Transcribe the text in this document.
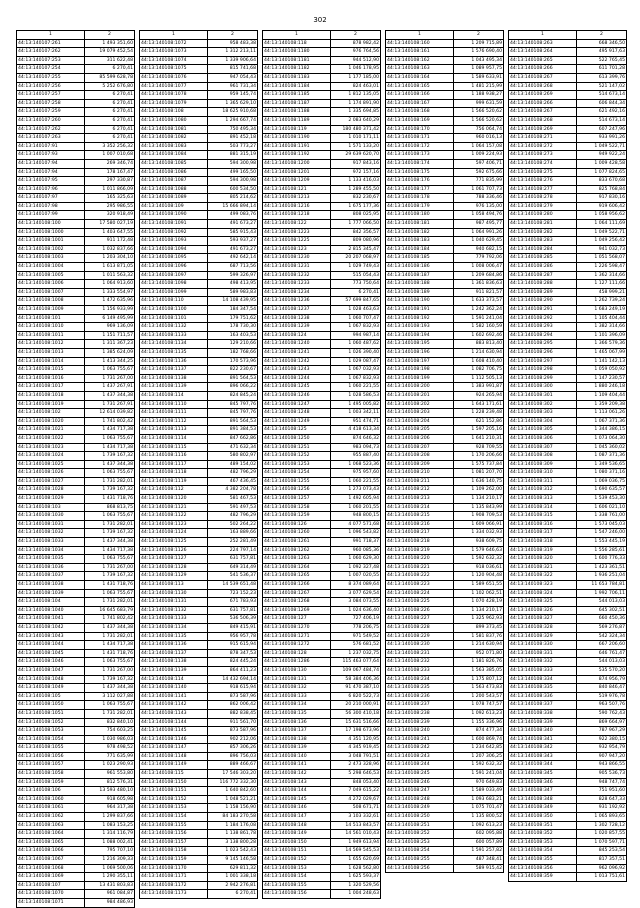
302
1	2
44:13:140107:261	1 493 351,60
44:13:140107:262	19 079 452,54
44:13:140107:253	311 622,48
44:13:140107:254	6 270,41
44:13:140107:255	85 599 628,78
44:13:140107:256	5 252 676,80
44:13:140107:257	6 270,41
44:13:140107:258	6 270,41
44:13:140107:259	6 270,41
44:13:140107:260	6 270,41
44:13:140107:262	6 270,41
44:13:140107:263	6 270,41
44:13:140107:91	3 352 256,32
44:13:140107:93	1 007 010,68
44:13:140107:94	269 346,74
44:13:140107:94	178 167,47
44:13:140107:95	297 330,87
44:13:140107:96	1 011 866,09
44:13:140107:97	165 325,63
44:13:140107:98	295 986,55
44:13:140107:99	320 918,49
44:13:140108:100	17 580 027,19
44:13:140108:1000	1 403 647,55
44:13:140108:1001	911 172,48
44:13:140108:1002	1 032 837,66
44:13:140108:1003	1 203 304,10
44:13:140108:1004	1 613 871,05
44:13:140108:1005	1 011 563,32
44:13:140108:1006	1 064 913,60
44:13:140108:1007	1 333 554,97
44:13:140108:1008	1 472 635,96
44:13:140108:1009	1 156 933,99
44:13:140108:101	6 149 495,99
44:13:140108:1010	969 136,09
44:13:140108:1011	1 151 711,57
44:13:140108:1012	1 311 367,23
44:13:140108:1013	1 385 624,09
44:13:140108:1014	1 413 344,25
44:13:140108:1015	1 063 755,67
44:13:140108:1016	1 731 267,00
44:13:140108:1017	1 437 267,91
44:13:140108:1018	1 437 344,38
44:13:140108:1019	1 731 267,91
44:13:140108:102	12 614 039,82
44:13:140108:1020	1 741 802,42
44:13:140108:1021	1 434 717,38
44:13:140108:1022	1 063 755,67
44:13:140108:1023	1 434 717,38
44:13:140108:1024	1 739 167,32
44:13:140108:1025	1 437 344,38
44:13:140108:1026	1 063 755,67
44:13:140108:1027	1 731 282,01
44:13:140108:1028	1 739 167,32
44:13:140108:1029	1 431 718,76
44:13:140108:103	868 813,75
44:13:140108:1030	1 063 755,67
44:13:140108:1031	1 731 282,01
44:13:140108:1032	1 739 167,32
44:13:140108:1033	1 437 344,38
44:13:140108:1034	1 434 717,38
44:13:140108:1035	1 063 755,67
44:13:140108:1036	1 731 267,00
44:13:140108:1037	1 739 167,32
44:13:140108:1038	1 431 718,76
44:13:140108:1039	1 063 755,67
44:13:140108:104	1 731 282,01
44:13:140108:1040	16 645 683,79
44:13:140108:1041	1 741 802,42
44:13:140108:1042	1 437 344,38
44:13:140108:1043	1 731 282,01
44:13:140108:1044	1 434 717,38
44:13:140108:1045	1 431 718,76
44:13:140108:1046	1 063 755,67
44:13:140108:1047	1 731 267,00
44:13:140108:1048	1 739 167,32
44:13:140108:1049	1 437 344,38
44:13:140108:105	3 112 027,88
44:13:140108:1050	1 063 755,67
44:13:140108:1051	1 731 282,01
44:13:140108:1052	832 840,10
44:13:140108:1053	754 603,25
44:13:140108:1054	1 030 986,03
44:13:140108:1055	978 498,52
44:13:140108:1056	771 635,99
44:13:140108:1057	1 023 290,93
44:13:140108:1058	961 553,80
44:13:140108:1059	812 576,31
44:13:140108:106	13 593 480,10
44:13:140108:1060	918 605,98
44:13:140108:1061	964 317,38
44:13:140108:1062	1 299 837,66
44:13:140108:1063	1 083 153,25
44:13:140108:1064	1 314 116,79
44:13:140108:1065	1 088 002,41
44:13:140108:1066	795 707,10
44:13:140108:1067	1 216 309,33
44:13:140108:1068	1 069 500,06
44:13:140108:1069	1 290 355,11
44:13:140108:107	13 431 803,83
44:13:140108:1070	961 084,87
44:13:140108:1071	984 486,93
1	2
44:13:140108:1072	958 483,38
44:13:140108:1073	1 312 213,11
44:13:140108:1074	1 339 906,64
44:13:140108:1075	815 741,68
44:13:140108:1076	947 054,43
44:13:140108:1077	961 731,34
44:13:140108:1078	959 145,74
44:13:140108:1079	1 365 629,10
44:13:140108:108	18 625 910,68
44:13:140108:1080	1 294 667,74
44:13:140108:1081	750 495,34
44:13:140108:1082	891 452,18
44:13:140108:1083	503 773,27
44:13:140108:1084	881 315,19
44:13:140108:1085	594 300,98
44:13:140108:1086	499 165,50
44:13:140108:1087	594 300,98
44:13:140108:1088	600 534,50
44:13:140108:1089	805 214,62
44:13:140108:109	15 666 894,14
44:13:140108:1090	499 083,76
44:13:140108:1091	491 673,27
44:13:140108:1092	585 915,43
44:13:140108:1093	593 937,27
44:13:140108:1094	491 673,27
44:13:140108:1095	492 642,14
44:13:140108:1096	687 713,56
44:13:140108:1097	599 326,97
44:13:140108:1098	498 413,95
44:13:140108:1099	589 983,83
44:13:140108:110	14 108 439,95
44:13:140108:1100	184 347,54
44:13:140108:1101	179 751,62
44:13:140108:1132	178 730,30
44:13:140108:1133	163 403,53
44:13:140108:1134	129 210,66
44:13:140108:1135	182 768,66
44:13:140108:1136	170 573,96
44:13:140108:1137	822 230,67
44:13:140108:1138	891 564,53
44:13:140108:1139	896 066,22
44:13:140108:114	824 845,24
44:13:140108:1110	845 797,76
44:13:140108:1111	845 797,76
44:13:140108:1112	891 564,53
44:13:140108:1113	891 384,53
44:13:140108:1114	847 662,86
44:13:140108:1115	471 632,34
44:13:140108:1116	580 802,97
44:13:140108:1117	489 154,02
44:13:140108:1118	482 796,29
44:13:140108:1119	467 436,45
44:13:140108:112	4 382 204,78
44:13:140108:1120	581 467,53
44:13:140108:1121	591 497,53
44:13:140108:1122	482 796,29
44:13:140108:1123	502 264,22
44:13:140108:1124	163 889,66
44:13:140108:1125	252 281,49
44:13:140108:1126	224 797,14
44:13:140108:1127	631 757,81
44:13:140108:1128	649 314,49
44:13:140108:1129	541 536,37
44:13:140108:113	14 539 651,48
44:13:140108:1130	723 152,23
44:13:140108:1131	671 783,93
44:13:140108:1132	631 757,81
44:13:140108:1133	536 506,39
44:13:140108:1134	849 415,91
44:13:140108:1135	956 957,78
44:13:140108:1136	915 615,94
44:13:140108:1137	878 347,53
44:13:140108:1138	824 445,24
44:13:140108:1139	864 411,23
44:13:140108:114	14 432 694,14
44:13:140108:1140	918 615,94
44:13:140108:1141	873 587,96
44:13:140108:1142	862 006,42
44:13:140108:1143	882 838,45
44:13:140108:1144	911 561,70
44:13:140108:1145	873 587,96
44:13:140108:1146	902 212,06
44:13:140108:1147	857 306,26
44:13:140108:1148	896 756,03
44:13:140108:1149	889 466,67
44:13:140108:115	17 546 303,20
44:13:140108:1150	116 772 332,30
44:13:140108:1151	1 640 842,60
44:13:140108:1152	1 048 521,21
44:13:140108:1153	1 158 156,90
44:13:140108:1154	84 183 270,58
44:13:140108:1155	1 184 176,08
44:13:140108:1156	1 138 861,78
44:13:140108:1157	3 138 800,28
44:13:140108:1158	1 023 542,43
44:13:140108:1159	9 145 146,58
44:13:140108:1170	629 811,32
44:13:140108:1171	1 001 338,18
44:13:140108:1172	2 942 276,81
44:13:140108:1173	6 270,41
1	2
44:13:140108:118	878 982,42
44:13:140108:1180	976 764,56
44:13:140108:1181	944 512,90
44:13:140108:1182	1 046 178,95
44:13:140108:1183	1 177 185,00
44:13:140108:1184	824 463,01
44:13:140108:1185	1 812 135,05
44:13:140108:1187	1 174 891,90
44:13:140108:1188	1 335 694,85
44:13:140108:1189	2 083 640,29
44:13:140108:119	180 480 371,42
44:13:140108:1190	1 010 171,11
44:13:140108:1191	1 571 133,20
44:13:140108:1192	29 639 620,70
44:13:140108:1200	917 843,16
44:13:140108:1201	972 157,16
44:13:140108:1209	1 133 416,03
44:13:140108:121	1 289 455,50
44:13:140108:1213	832 230,67
44:13:140108:1216	1 675 177,36
44:13:140108:1218	808 025,95
44:13:140108:122	1 777 066,50
44:13:140108:1223	842 356,57
44:13:140108:1225	809 080,96
44:13:140108:123	2 815 345,47
44:13:140108:1230	20 207 068,97
44:13:140108:1231	1 029 749,43
44:13:140108:1232	515 054,43
44:13:140108:1233	773 750,64
44:13:140108:1234	6 270,41
44:13:140108:1236	57 699 847,65
44:13:140108:1237	1 028 463,63
44:13:140108:1238	1 060 707,47
44:13:140108:1239	1 067 832,93
44:13:140108:124	994 987,14
44:13:140108:1240	1 060 487,62
44:13:140108:1241	1 026 390,40
44:13:140108:1242	1 029 087,47
44:13:140108:1243	1 067 032,93
44:13:140108:1244	1 067 832,93
44:13:140108:1245	1 060 221,55
44:13:140108:1246	1 028 586,53
44:13:140108:1247	1 495 005,82
44:13:140108:1248	1 003 342,11
44:13:140108:1249	951 474,71
44:13:140108:125	4 418 613,34
44:13:140108:1250	874 646,32
44:13:140108:1251	983 094,73
44:13:140108:1252	955 887,40
44:13:140108:1253	1 068 523,36
44:13:140108:1254	975 957,60
44:13:140108:1255	1 060 221,55
44:13:140108:1256	1 273 073,43
44:13:140108:1257	1 492 605,94
44:13:140108:1258	1 060 201,55
44:13:140108:1259	948 800,15
44:13:140108:126	4 077 571,68
44:13:140108:1260	1 096 543,82
44:13:140108:1261	991 718,37
44:13:140108:1262	960 085,36
44:13:140108:1263	1 060 629,30
44:13:140108:1264	1 092 327,48
44:13:140108:1265	1 007 020,55
44:13:140108:1266	8 374 089,64
44:13:140108:1267	3 077 629,54
44:13:140108:1268	3 084 073,55
44:13:140108:1269	1 024 636,40
44:13:140108:127	727 406,19
44:13:140108:1270	778 206,75
44:13:140108:1271	971 549,52
44:13:140108:1272	576 681,52
44:13:140108:128	1 237 032,75
44:13:140108:1286	115 463 077,64
44:13:140108:130	109 067 484,74
44:13:140108:131	58 384 406,36
44:13:140108:132	91 470 387,10
44:13:140108:133	6 820 522,73
44:13:140108:134	20 210 000,91
44:13:140108:135	56 300 410,18
44:13:140108:136	15 631 516,66
44:13:140108:137	17 198 673,96
44:13:140108:138	4 351 120,95
44:13:140108:139	4 345 919,45
44:13:140108:140	3 048 791,51
44:13:140108:141	2 473 328,96
44:13:140108:142	5 298 646,53
44:13:140108:143	848 053,40
44:13:140108:144	7 049 615,22
44:13:140108:145	4 272 029,67
44:13:140108:146	508 671,71
44:13:140108:147	3 103 332,61
44:13:140108:148	14 513 843,57
44:13:140108:149	14 561 010,43
44:13:140108:150	1 949 613,94
44:13:140108:151	14 569 545,53
44:13:140108:152	1 655 620,69
44:13:140108:153	1 628 562,80
44:13:140108:154	1 625 593,37
44:13:140108:155	1 320 529,56
44:13:140108:156	1 004 248,63
1	2
44:13:140108:160	1 209 715,89
44:13:140108:161	1 576 690,40
44:13:140108:162	1 043 495,34
44:13:140108:163	1 089 957,75
44:13:140108:164	1 589 633,91
44:13:140108:165	1 481 215,99
44:13:140108:166	1 188 938,27
44:13:140108:167	999 631,59
44:13:140108:168	1 566 520,62
44:13:140108:169	1 566 520,62
44:13:140108:170	756 064,74
44:13:140108:171	960 016,13
44:13:140108:172	1 064 157,08
44:13:140108:173	1 009 224,93
44:13:140108:174	597 406,71
44:13:140108:175	592 675,66
44:13:140108:176	771 835,99
44:13:140108:177	1 061 707,73
44:13:140108:178	788 336,46
44:13:140108:179	976 135,00
44:13:140108:180	1 058 494,76
44:13:140108:181	987 495,77
44:13:140108:182	1 064 991,26
44:13:140108:183	1 040 629,45
44:13:140108:184	940 682,15
44:13:140108:185	779 792,06
44:13:140108:186	1 008 006,47
44:13:140108:187	1 209 684,86
44:13:140108:188	1 361 836,63
44:13:140108:189	911 821,57
44:13:140108:190	1 633 373,57
44:13:140108:191	1 242 362,24
44:13:140108:192	1 591 241,04
44:13:140108:193	1 582 160,59
44:13:140108:194	1 602 692,46
44:13:140108:195	883 813,40
44:13:140108:196	1 214 630,94
44:13:140108:197	1 608 410,40
44:13:140108:198	1 082 706,75
44:13:140108:199	1 112 505,13
44:13:140108:200	1 383 991,87
44:13:140108:201	924 265,94
44:13:140108:202	1 643 171,61
44:13:140108:203	1 228 239,48
44:13:140108:204	621 152,86
44:13:140108:205	1 597 205,16
44:13:140108:206	1 641 210,31
44:13:140108:207	928 709,55
44:13:140108:208	1 170 206,66
44:13:140108:209	1 575 737,84
44:13:140108:210	1 081 207,70
44:13:140108:211	1 636 140,75
44:13:140108:212	1 109 262,00
44:13:140108:213	1 134 210,17
44:13:140108:214	1 135 843,99
44:13:140108:215	1 908 709,53
44:13:140108:216	1 609 066,91
44:13:140108:217	1 334 032,93
44:13:140108:218	938 609,75
44:13:140108:219	1 579 646,63
44:13:140108:220	1 592 632,32
44:13:140108:221	918 036,61
44:13:140108:222	1 120 904,48
44:13:140108:223	1 589 651,55
44:13:140108:224	1 102 062,51
44:13:140108:225	1 070 428,19
44:13:140108:226	1 134 210,17
44:13:140108:227	1 325 962,93
44:13:140108:228	899 373,45
44:13:140108:229	1 581 837,76
44:13:140108:230	1 214 630,94
44:13:140108:231	952 071,80
44:13:140108:232	1 181 826,76
44:13:140108:233	1 563 385,05
44:13:140108:234	1 175 807,12
44:13:140108:235	1 563 473,83
44:13:140108:236	1 200 543,57
44:13:140108:237	1 078 747,57
44:13:140108:238	1 092 613,23
44:13:140108:239	1 155 336,96
44:13:140108:240	874 477,34
44:13:140108:241	1 600 869,74
44:13:140108:242	1 234 642,85
44:13:140108:243	1 207 306,25
44:13:140108:244	1 592 632,32
44:13:140108:245	1 591 241,04
44:13:140108:246	970 649,83
44:13:140108:247	1 589 033,49
44:13:140108:248	1 093 683,21
44:13:140108:249	1 075 701,47
44:13:140108:250	1 135 800,52
44:13:140108:251	1 092 613,23
44:13:140108:252	602 095,88
44:13:140108:253	600 057,89
44:13:140108:254	1 591 257,82
44:13:140108:255	487 348,41
44:13:140108:256	589 915,42
1	2
44:13:140108:263	668 346,50
44:13:140108:264	495 917,63
44:13:140108:265	522 765,45
44:13:140108:266	611 701,28
44:13:140108:267	613 399,76
44:13:140108:268	521 147,02
44:13:140108:269	514 673,14
44:13:140108:266	606 844,34
44:13:140108:267	621 492,16
44:13:140108:268	514 673,14
44:13:140108:269	607 247,96
44:13:140108:271	933 991,26
44:13:140108:272	1 049 522,71
44:13:140108:273	949 922,24
44:13:140108:274	1 009 428,58
44:13:140108:275	1 077 824,65
44:13:140108:276	833 670,68
44:13:140108:277	825 768,84
44:13:140108:278	917 830,16
44:13:140108:279	919 606,42
44:13:140108:280	1 058 956,62
44:13:140108:281	1 064 111,69
44:13:140108:282	1 049 522,71
44:13:140108:283	1 049 256,42
44:13:140108:284	941 032,73
44:13:140108:285	1 051 568,07
44:13:140108:286	1 226 598,47
44:13:140108:287	1 362 314,66
44:13:140108:288	1 127 111,66
44:13:140108:289	458 999,21
44:13:140108:290	1 262 739,24
44:13:140108:291	1 683 249,19
44:13:140108:292	1 105 404,44
44:13:140108:293	1 382 314,66
44:13:140108:294	1 101 396,09
44:13:140108:295	1 366 579,36
44:13:140108:296	1 465 067,99
44:13:140108:297	1 141 142,13
44:13:140108:298	1 059 050,92
44:13:140108:299	1 147 230,57
44:13:140108:300	1 880 246,18
44:13:140108:301	1 109 404,44
44:13:140108:302	1 359 209,38
44:13:140108:303	1 113 061,26
44:13:140108:304	1 067 371,36
44:13:140108:305	1 344 386,15
44:13:140108:306	1 073 064,30
44:13:140108:307	1 045 360,02
44:13:140108:308	1 087 371,36
44:13:140108:309	1 349 536,65
44:13:140108:310	1 080 371,16
44:13:140108:311	1 069 036,75
44:13:140108:312	1 690 635,57
44:13:140108:313	1 539 453,30
44:13:140108:314	1 606 021,10
44:13:140108:315	1 338 761,00
44:13:140108:316	1 573 045,03
44:13:140108:317	1 547 246,00
44:13:140108:318	1 553 445,19
44:13:140108:319	1 556 285,61
44:13:140108:320	1 600 776,33
44:13:140108:321	1 423 361,51
44:13:140108:322	1 936 251,04
44:13:140108:323	11 653 784,81
44:13:140108:324	1 992 706,11
44:13:140108:325	544 013,03
44:13:140108:326	645 302,51
44:13:140108:327	660 450,36
44:13:140108:328	569 276,87
44:13:140108:329	542 324,34
44:13:140108:330	667 206,60
44:13:140108:331	646 761,47
44:13:140108:332	544 013,03
44:13:140108:333	535 570,20
44:13:140108:334	874 956,79
44:13:140108:335	840 846,47
44:13:140108:336	519 976,78
44:13:140108:337	963 507,76
44:13:140108:338	590 762,43
44:13:140108:339	869 664,97
44:13:140108:340	787 967,29
44:13:140108:341	922 380,15
44:13:140108:342	932 954,79
44:13:140108:343	907 947,20
44:13:140108:344	943 866,55
44:13:140108:345	905 536,73
44:13:140108:346	948 747,74
44:13:140108:347	751 951,60
44:13:140108:348	828 647,33
44:13:140108:349	931 192,92
44:13:140108:350	1 065 893,65
44:13:140108:351	1 302 728,12
44:13:140108:352	1 020 857,55
44:13:140108:353	1 070 597,71
44:13:140108:354	845 253,54
44:13:140108:355	817 357,51
44:13:140108:356	962 096,92
44:13:140108:359	1 013 751,61
